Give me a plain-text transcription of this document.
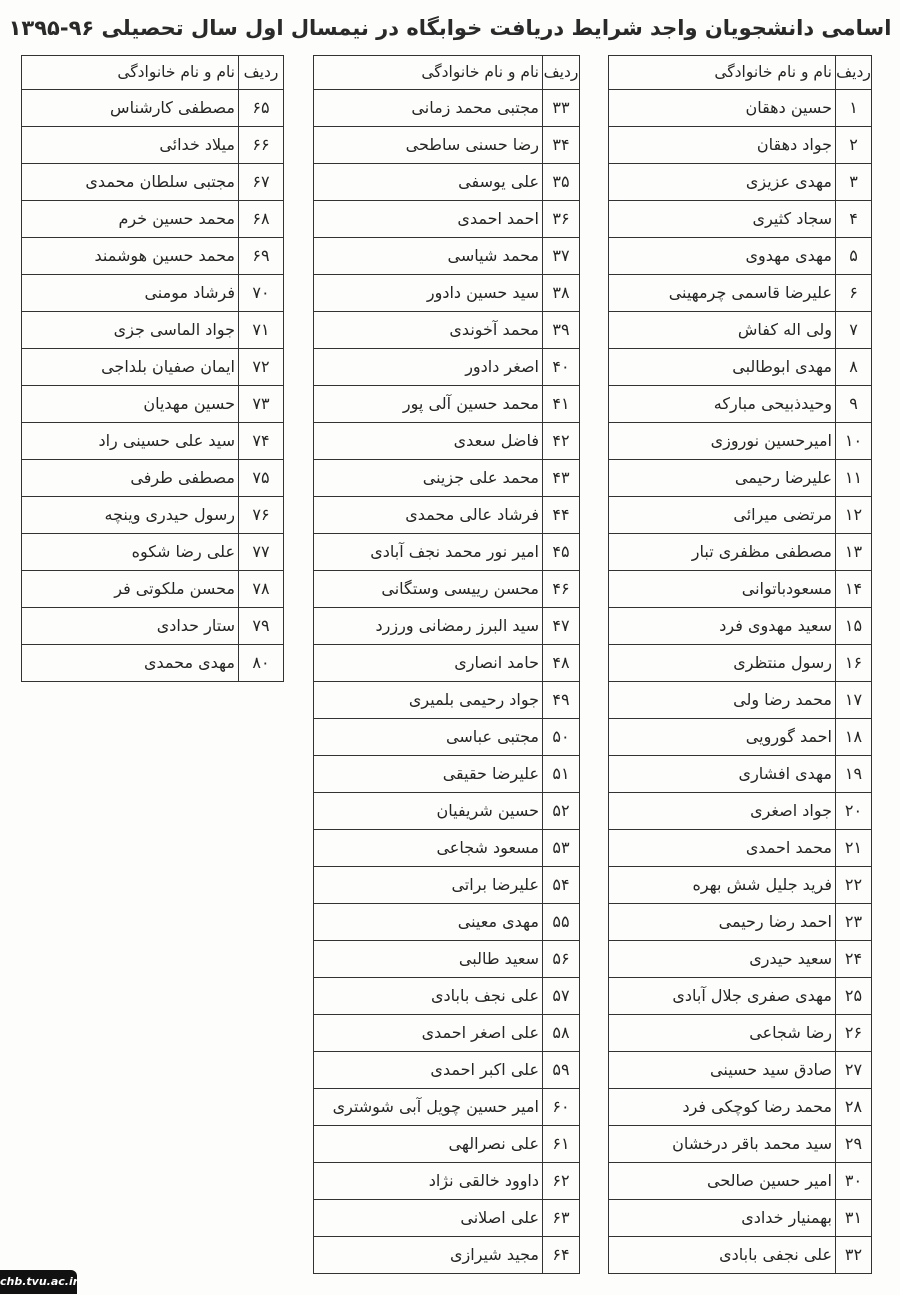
اسامی دانشجویان واجد شرایط دریافت خوابگاه در نیمسال اول سال تحصیلی ۹۶-۱۳۹۵
ردیف	نام و نام خانوادگی
۱	حسین دهقان
۲	جواد دهقان
۳	مهدی عزیزی
۴	سجاد کثیری
۵	مهدی مهدوی
۶	علیرضا قاسمی چرمهینی
۷	ولی اله کفاش
۸	مهدی ابوطالبی
۹	وحیدذبیحی مبارکه
۱۰	امیرحسین نوروزی
۱۱	علیرضا رحیمی
۱۲	مرتضی میرائی
۱۳	مصطفی مظفری تبار
۱۴	مسعودباتوانی
۱۵	سعید مهدوی فرد
۱۶	رسول منتظری
۱۷	محمد رضا ولی
۱۸	احمد گورویی
۱۹	مهدی افشاری
۲۰	جواد اصغری
۲۱	محمد احمدی
۲۲	فرید جلیل شش بهره
۲۳	احمد رضا رحیمی
۲۴	سعید حیدری
۲۵	مهدی صفری جلال آبادی
۲۶	رضا شجاعی
۲۷	صادق سید حسینی
۲۸	محمد رضا کوچکی فرد
۲۹	سید محمد باقر درخشان
۳۰	امیر حسین صالحی
۳۱	بهمنیار خدادی
۳۲	علی نجفی بابادی
ردیف	نام و نام خانوادگی
۳۳	مجتبی محمد زمانی
۳۴	رضا حسنی ساطحی
۳۵	علی یوسفی
۳۶	احمد احمدی
۳۷	محمد شیاسی
۳۸	سید حسین دادور
۳۹	محمد آخوندی
۴۰	اصغر دادور
۴۱	محمد حسین آلی پور
۴۲	فاضل سعدی
۴۳	محمد علی جزینی
۴۴	فرشاد عالی محمدی
۴۵	امیر نور محمد نجف آبادی
۴۶	محسن رییسی وستگانی
۴۷	سید البرز رمضانی ورزرد
۴۸	حامد انصاری
۴۹	جواد رحیمی بلمیری
۵۰	مجتبی عباسی
۵۱	علیرضا حقیقی
۵۲	حسین شریفیان
۵۳	مسعود شجاعی
۵۴	علیرضا براتی
۵۵	مهدی معینی
۵۶	سعید طالبی
۵۷	علی نجف بابادی
۵۸	علی اصغر احمدی
۵۹	علی اکبر احمدی
۶۰	امیر حسین چویل آبی شوشتری
۶۱	علی نصرالهی
۶۲	داوود خالقی نژاد
۶۳	علی اصلانی
۶۴	مجید شیرازی
ردیف	نام و نام خانوادگی
۶۵	مصطفی کارشناس
۶۶	میلاد خدائی
۶۷	مجتبی سلطان محمدی
۶۸	محمد حسین خرم
۶۹	محمد حسین هوشمند
۷۰	فرشاد مومنی
۷۱	جواد الماسی جزی
۷۲	ایمان صفیان بلداجی
۷۳	حسین مهدیان
۷۴	سید علی حسینی راد
۷۵	مصطفی طرفی
۷۶	رسول حیدری وینچه
۷۷	علی رضا شکوه
۷۸	محسن ملکوتی فر
۷۹	ستار حدادی
۸۰	مهدی محمدی
chb.tvu.ac.ir
